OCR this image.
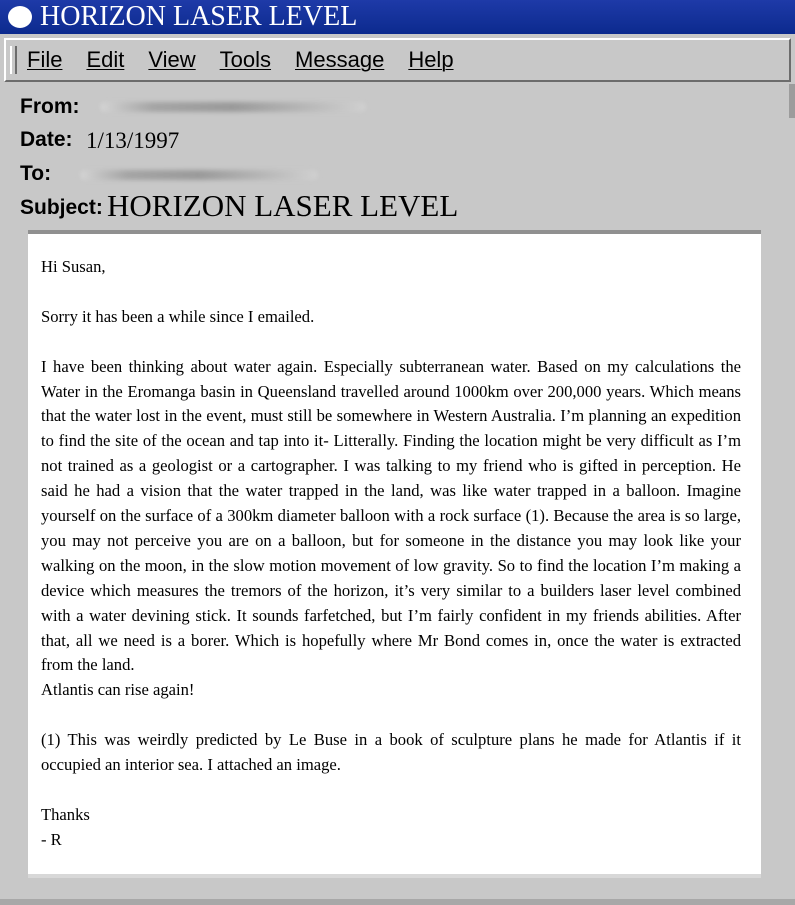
HORIZON LASER LEVEL
File Edit View Tools Message Help
From:
Date: 1/13/1997
To:
Subject: HORIZON LASER LEVEL

Hi Susan,

Sorry it has been a while since I emailed.

I have been thinking about water again. Especially subterranean water. Based on my calculations the Water in the Eromanga basin in Queensland travelled around 1000km over 200,000 years. Which means that the water lost in the event, must still be somewhere in Western Australia. I’m planning an expedition to find the site of the ocean and tap into it- Litterally. Finding the location might be very difficult as I’m not trained as a geologist or a cartographer. I was talking to my friend who is gifted in perception. He said he had a vision that the water trapped in the land, was like water trapped in a balloon. Imagine yourself on the surface of a 300km diameter balloon with a rock surface (1). Because the area is so large, you may not perceive you are on a balloon, but for someone in the distance you may look like your walking on the moon, in the slow motion movement of low gravity. So to find the location I’m making a device which measures the tremors of the horizon, it’s very similar to a builders laser level combined with a water devining stick. It sounds farfetched, but I’m fairly confident in my friends abilities. After that, all we need is a borer. Which is hopefully where Mr Bond comes in, once the water is extracted from the land.

Atlantis can rise again!

(1) This was weirdly predicted by Le Buse in a book of sculpture plans he made for Atlantis if it occupied an interior sea. I attached an image.

Thanks
- R
